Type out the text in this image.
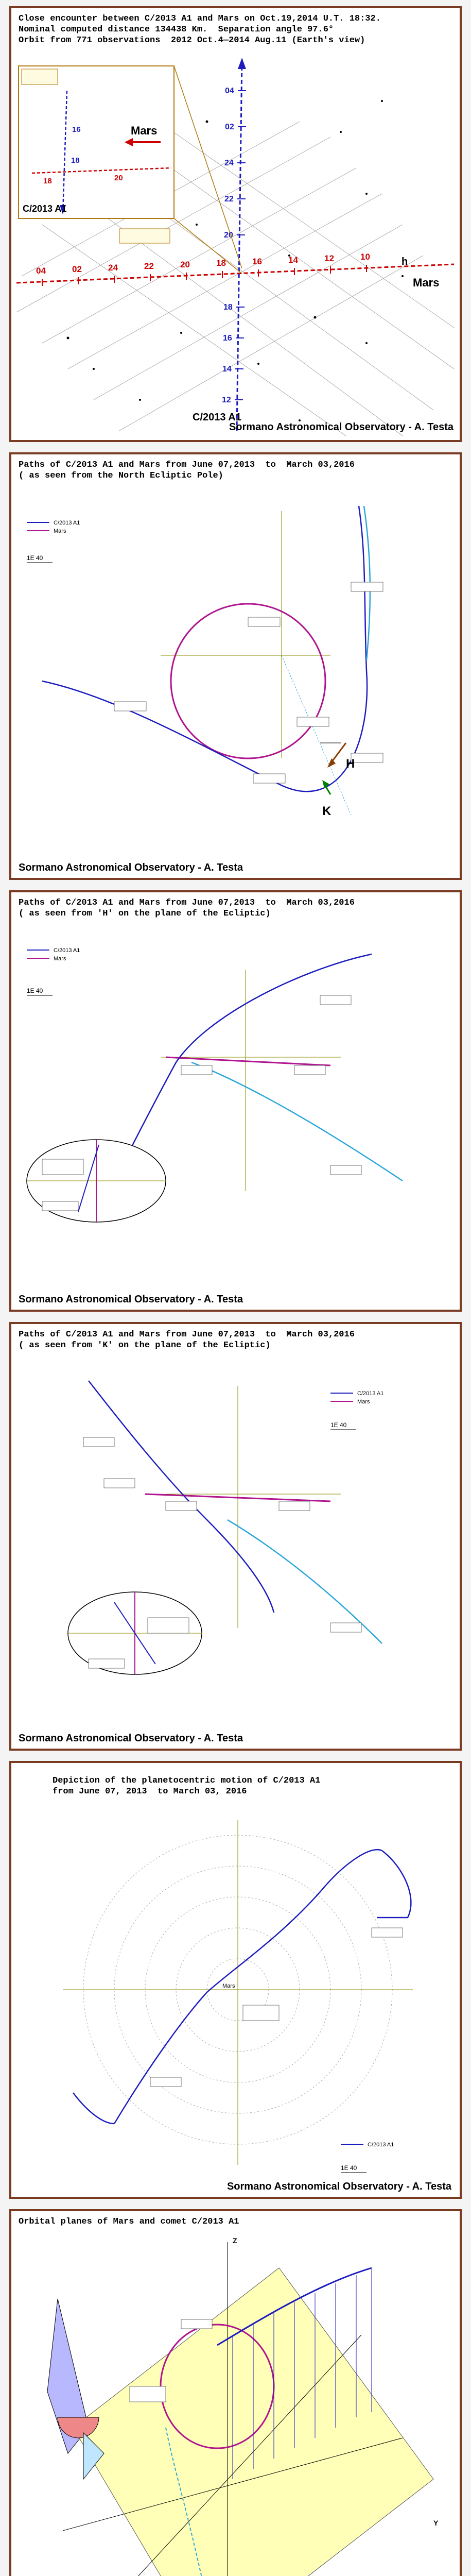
Close encounter between C/2013 A1 and Mars on Oct.19,2014 U.T. 18:32.
Nominal computed distance 134438 Km.  Separation angle 97.6°
Orbit from 771 observations  2012 Oct.4—2014 Aug.11 (Earth's view)
04	02	24	22	20	18	16	14	12	10
Mars
h
04
02
24
22
20
18
16
14
12
C/2013 A1
Mars
C/2013 A1
18	20
16
18
Paths of C/2013 A1 and Mars from June 07,2013  to  March 03,2016
( as seen from the North Ecliptic Pole)
C/2013 A1
Mars
1E 40
H
K
Sormano Astronomical Observatory - A. Testa
Paths of C/2013 A1 and Mars from June 07,2013  to  March 03,2016
( as seen from 'H' on the plane of the Ecliptic)
C/2013 A1
Mars
1E 40
Sormano Astronomical Observatory - A. Testa
Paths of C/2013 A1 and Mars from June 07,2013  to  March 03,2016
( as seen from 'K' on the plane of the Ecliptic)
C/2013 A1
Mars
1E 40
Sormano Astronomical Observatory - A. Testa
Depiction of the planetocentric motion of C/2013 A1
from June 07, 2013  to March 03, 2016
Mars
C/2013 A1
1E 40
Sormano Astronomical Observatory - A. Testa
Orbital planes of Mars and comet C/2013 A1
Z
Y
Sormano Astronomical Observatory - A. Testa
